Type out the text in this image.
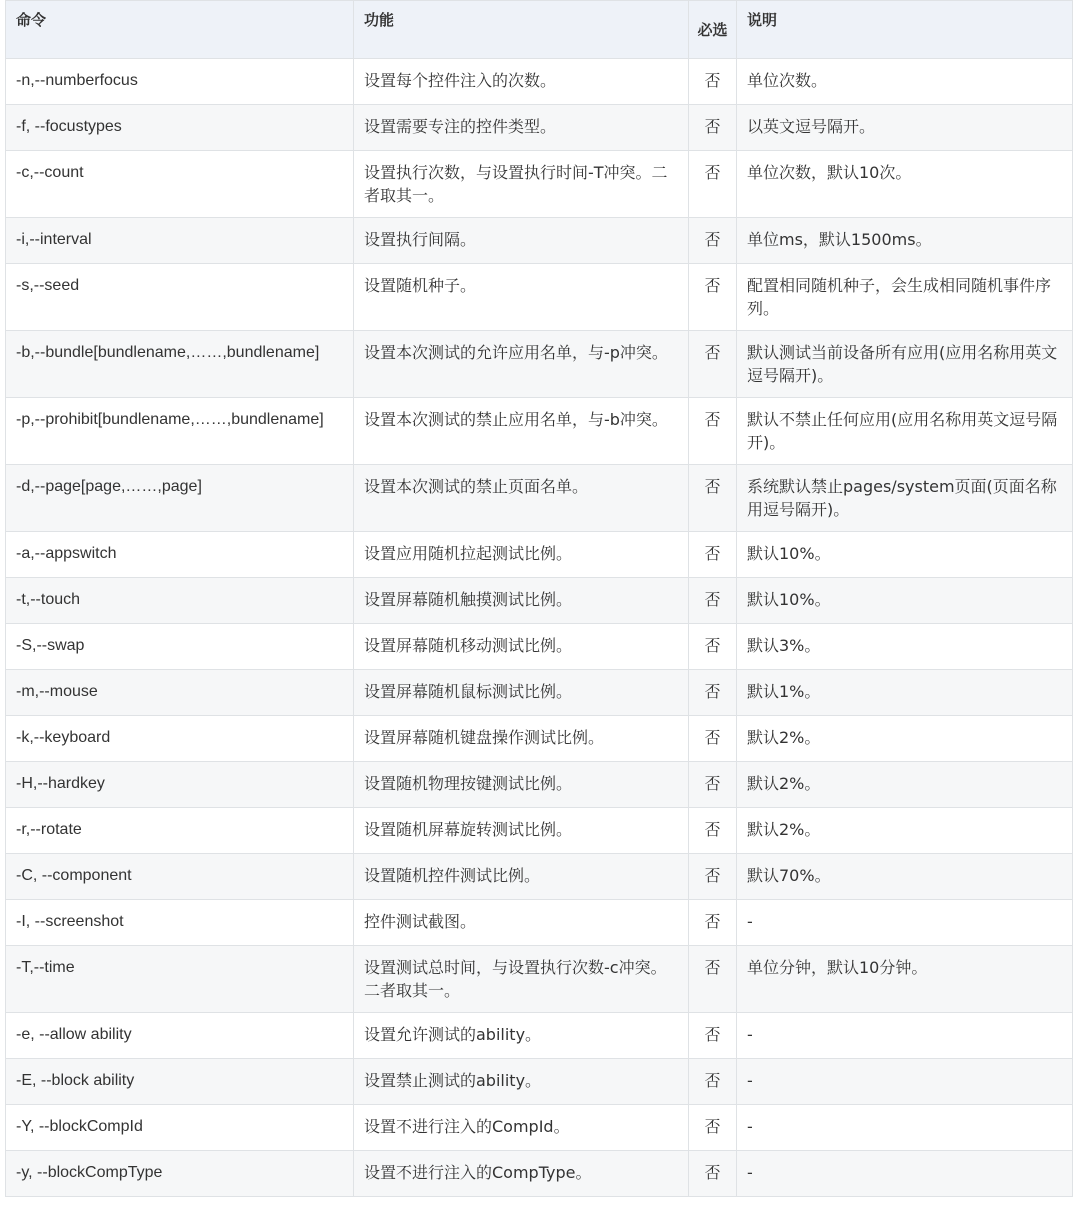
命令	功能	必选	说明
-n,--numberfocus	设置每个控件注入的次数。	否	单位次数。
-f, --focustypes	设置需要专注的控件类型。	否	以英文逗号隔开。
-c,--count	设置执行次数，与设置执行时间-T冲突。二者取其一。	否	单位次数，默认10次。
-i,--interval	设置执行间隔。	否	单位ms，默认1500ms。
-s,--seed	设置随机种子。	否	配置相同随机种子，会生成相同随机事件序列。
-b,--bundle[bundlename,……,bundlename]	设置本次测试的允许应用名单，与-p冲突。	否	默认测试当前设备所有应用(应用名称用英文逗号隔开)。
-p,--prohibit[bundlename,……,bundlename]	设置本次测试的禁止应用名单，与-b冲突。	否	默认不禁止任何应用(应用名称用英文逗号隔开)。
-d,--page[page,……,page]	设置本次测试的禁止页面名单。	否	系统默认禁止pages/system页面(页面名称用逗号隔开)。
-a,--appswitch	设置应用随机拉起测试比例。	否	默认10%。
-t,--touch	设置屏幕随机触摸测试比例。	否	默认10%。
-S,--swap	设置屏幕随机移动测试比例。	否	默认3%。
-m,--mouse	设置屏幕随机鼠标测试比例。	否	默认1%。
-k,--keyboard	设置屏幕随机键盘操作测试比例。	否	默认2%。
-H,--hardkey	设置随机物理按键测试比例。	否	默认2%。
-r,--rotate	设置随机屏幕旋转测试比例。	否	默认2%。
-C, --component	设置随机控件测试比例。	否	默认70%。
-I, --screenshot	控件测试截图。	否	-
-T,--time	设置测试总时间，与设置执行次数-c冲突。二者取其一。	否	单位分钟，默认10分钟。
-e, --allow ability	设置允许测试的ability。	否	-
-E, --block ability	设置禁止测试的ability。	否	-
-Y, --blockCompId	设置不进行注入的CompId。	否	-
-y, --blockCompType	设置不进行注入的CompType。	否	-
